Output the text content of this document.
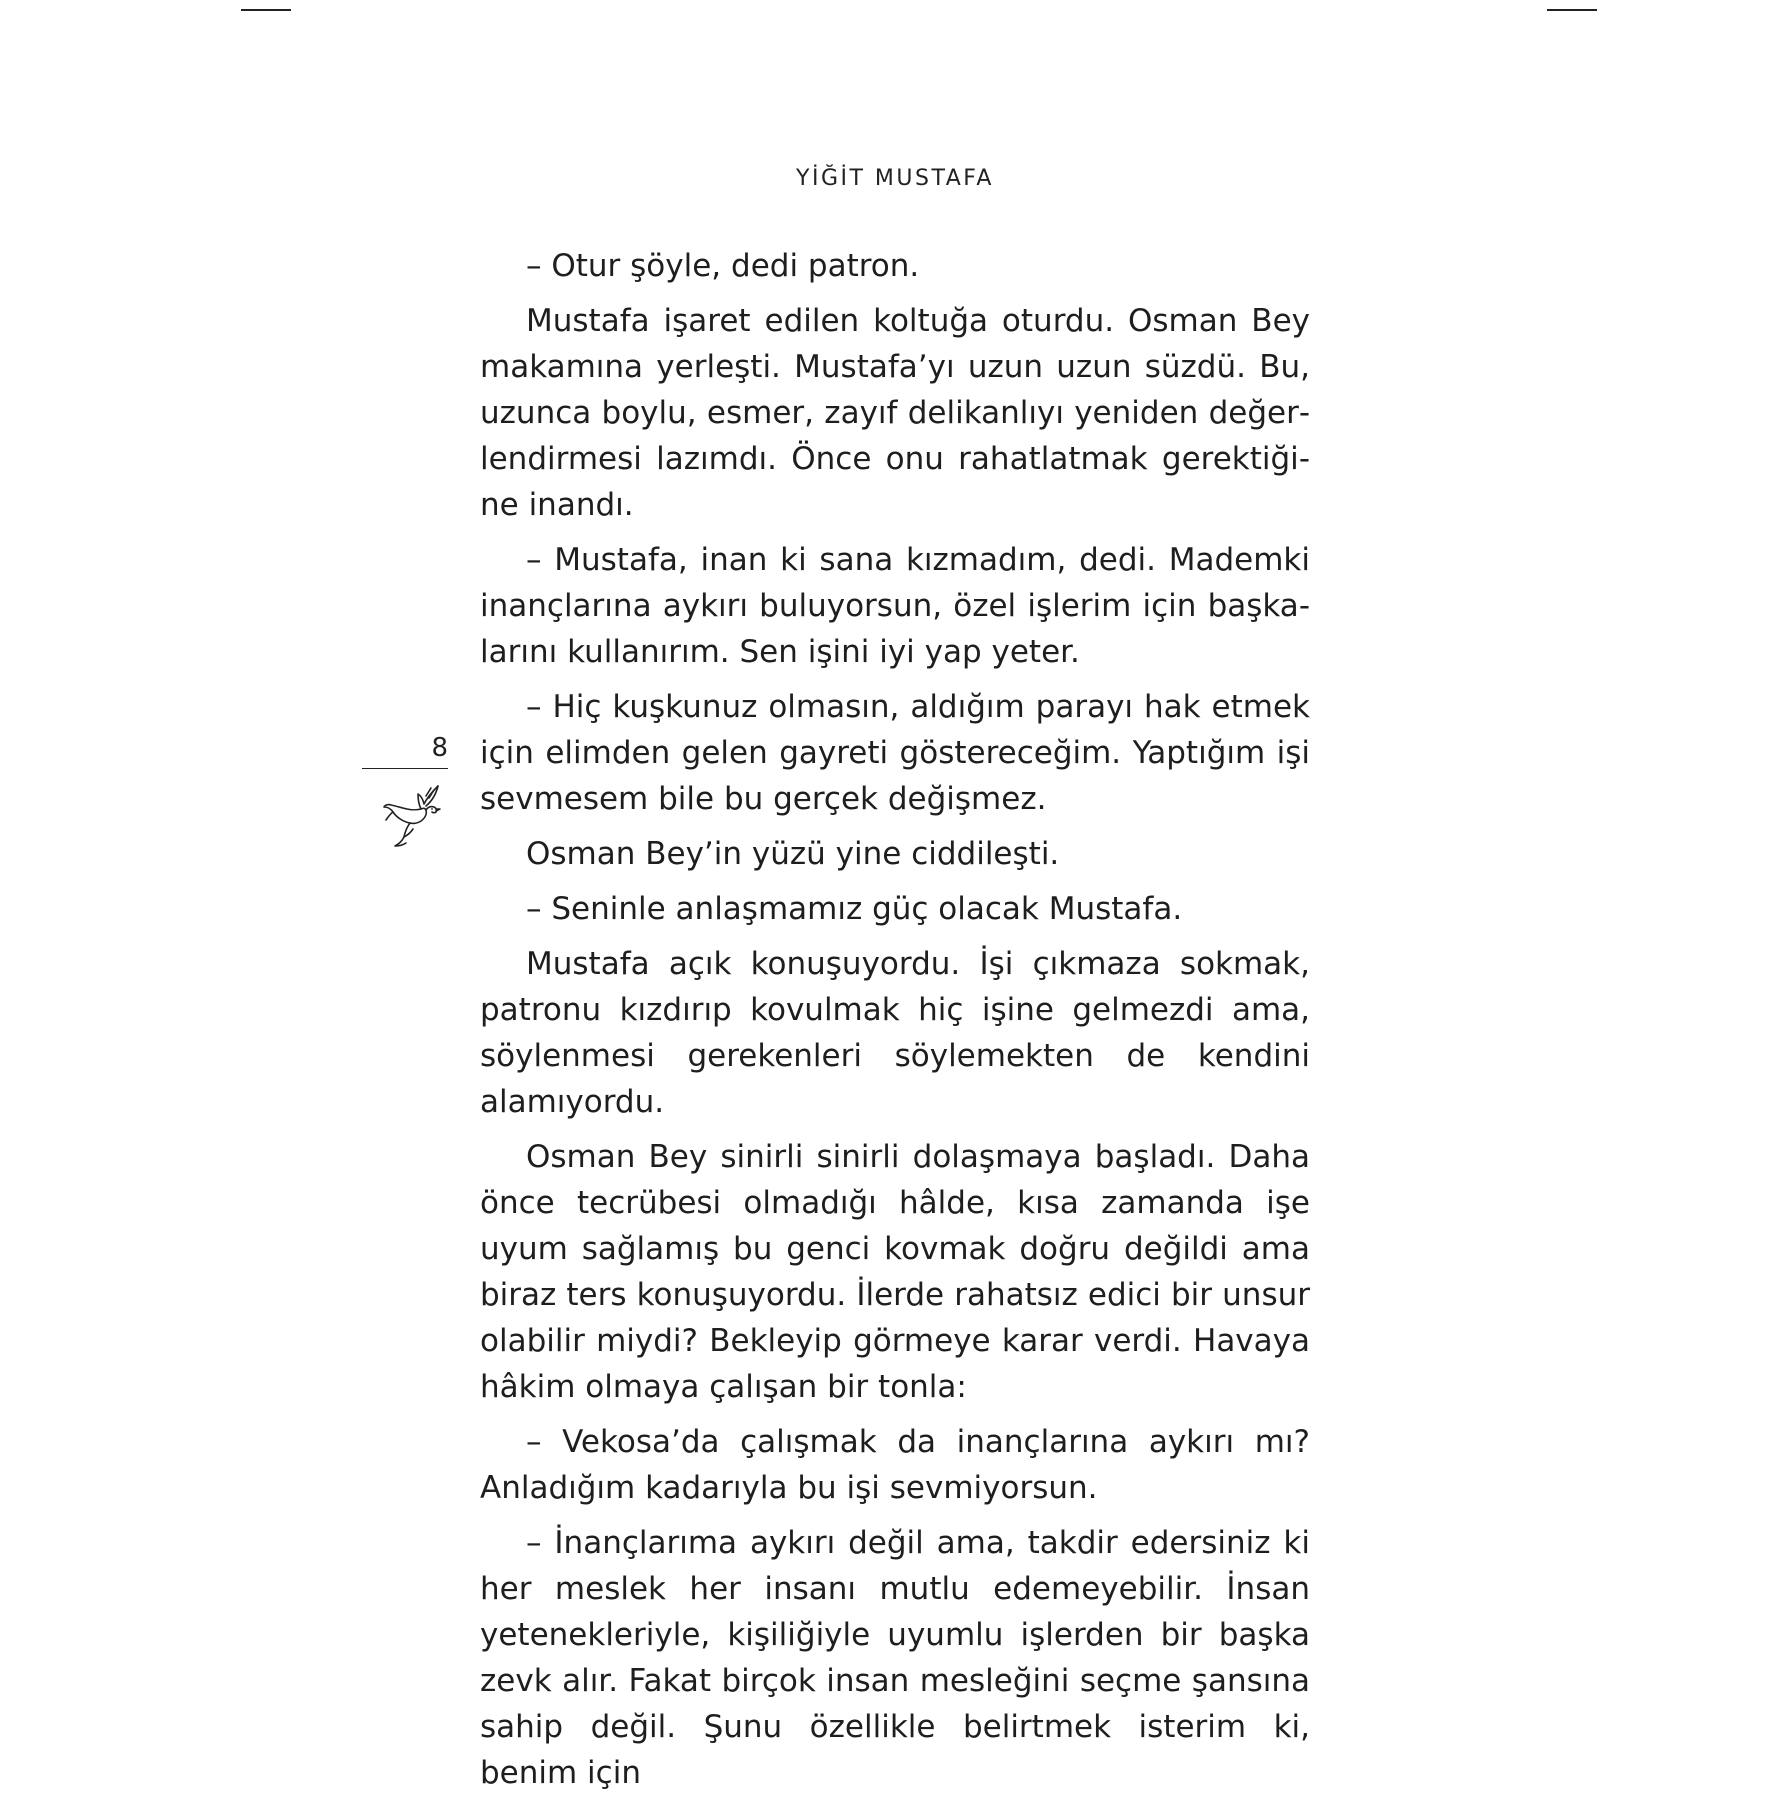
YİĞİT MUSTAFA

– Otur şöyle, dedi patron.

Mustafa işaret edilen koltuğa oturdu. Osman Bey makamına yerleşti. Mustafa’yı uzun uzun süzdü. Bu, uzunca boylu, esmer, zayıf delikanlıyı yeniden değerlendirmesi lazımdı. Önce onu rahatlatmak gerektiğine inandı.

– Mustafa, inan ki sana kızmadım, dedi. Mademki inançlarına aykırı buluyorsun, özel işlerim için başkalarını kullanırım. Sen işini iyi yap yeter.

– Hiç kuşkunuz olmasın, aldığım parayı hak etmek için elimden gelen gayreti göstereceğim. Yaptığım işi sevmesem bile bu gerçek değişmez.

Osman Bey’in yüzü yine ciddileşti.

– Seninle anlaşmamız güç olacak Mustafa.

Mustafa açık konuşuyordu. İşi çıkmaza sokmak, patronu kızdırıp kovulmak hiç işine gelmezdi ama, söylenmesi gerekenleri söylemekten de kendini alamıyordu.

Osman Bey sinirli sinirli dolaşmaya başladı. Daha önce tecrübesi olmadığı hâlde, kısa zamanda işe uyum sağlamış bu genci kovmak doğru değildi ama biraz ters konuşuyordu. İlerde rahatsız edici bir unsur olabilir miydi? Bekleyip görmeye karar verdi. Havaya hâkim olmaya çalışan bir tonla:

– Vekosa’da çalışmak da inançlarına aykırı mı? Anladığım kadarıyla bu işi sevmiyorsun.

– İnançlarıma aykırı değil ama, takdir edersiniz ki her meslek her insanı mutlu edemeyebilir. İnsan yetenekleriyle, kişiliğiyle uyumlu işlerden bir başka zevk alır. Fakat birçok insan mesleğini seçme şansına sahip değil. Şunu özellikle belirtmek isterim ki, benim için

8
